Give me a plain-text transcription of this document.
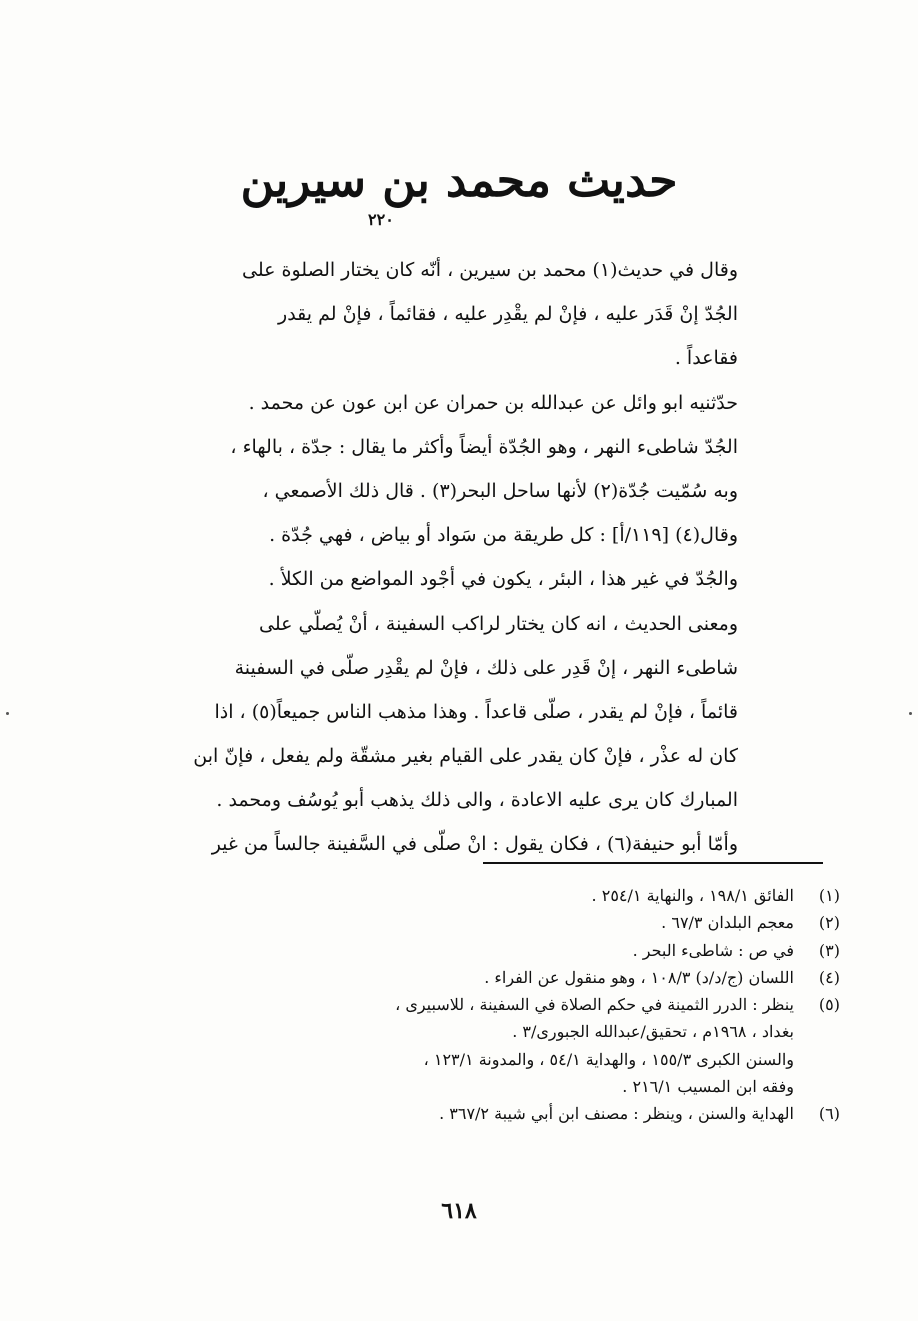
حديث محمد بن سيرين
٢٢٠
وقال في حديث(١) محمد بن سيرين ، أنّه كان يختار الصلوة على
الجُدّ إنْ قَدَر عليه ، فإنْ لم يقْدِر عليه ، فقائماً ، فإنْ لم يقدر
فقاعداً .
حدّثنيه ابو وائل عن عبدالله بن حمران عن ابن عون عن محمد .
الجُدّ شاطىء النهر ، وهو الجُدّة أيضاً وأكثر ما يقال : جدّة ، بالهاء ،
وبه سُمّيت جُدّة(٢) لأنها ساحل البحر(٣) . قال ذلك الأصمعي ،
وقال(٤) [١١٩/أ] : كل طريقة من سَواد أو بياض ، فهي جُدّة .
والجُدّ في غير هذا ، البئر ، يكون في أجْود المواضع من الكلأ .
ومعنى الحديث ، انه كان يختار لراكب السفينة ، أنْ يُصلّي على
شاطىء النهر ، إنْ قَدِر على ذلك ، فإنْ لم يقْدِر صلّى في السفينة
قائماً ، فإنْ لم يقدر ، صلّى قاعداً . وهذا مذهب الناس جميعاً(٥) ، اذا
كان له عذْر ، فإنْ كان يقدر على القيام بغير مشقّة ولم يفعل ، فإنّ ابن
المبارك كان يرى عليه الاعادة ، والى ذلك يذهب أبو يُوسُف ومحمد .
وأمّا أبو حنيفة(٦) ، فكان يقول : انْ صلّى في السَّفينة جالساً من غير
(١)
الفائق ١٩٨/١ ، والنهاية ٢٥٤/١ .
(٢)
معجم البلدان ٦٧/٣ .
(٣)
في ص : شاطىء البحر .
(٤)
اللسان (ج/د/د) ١٠٨/٣ ، وهو منقول عن الفراء .
(٥)
ينظر : الدرر الثمينة في حكم الصلاة في السفينة ، للاسبيرى ،
بغداد ، ١٩٦٨م ، تحقيق/عبدالله الجبورى/٣ .
والسنن الكبرى ١٥٥/٣ ، والهداية ٥٤/١ ، والمدونة ١٢٣/١ ،
وفقه ابن المسيب ٢١٦/١ .
(٦)
الهداية والسنن ، وينظر : مصنف ابن أبي شيبة ٣٦٧/٢ .
٦١٨
